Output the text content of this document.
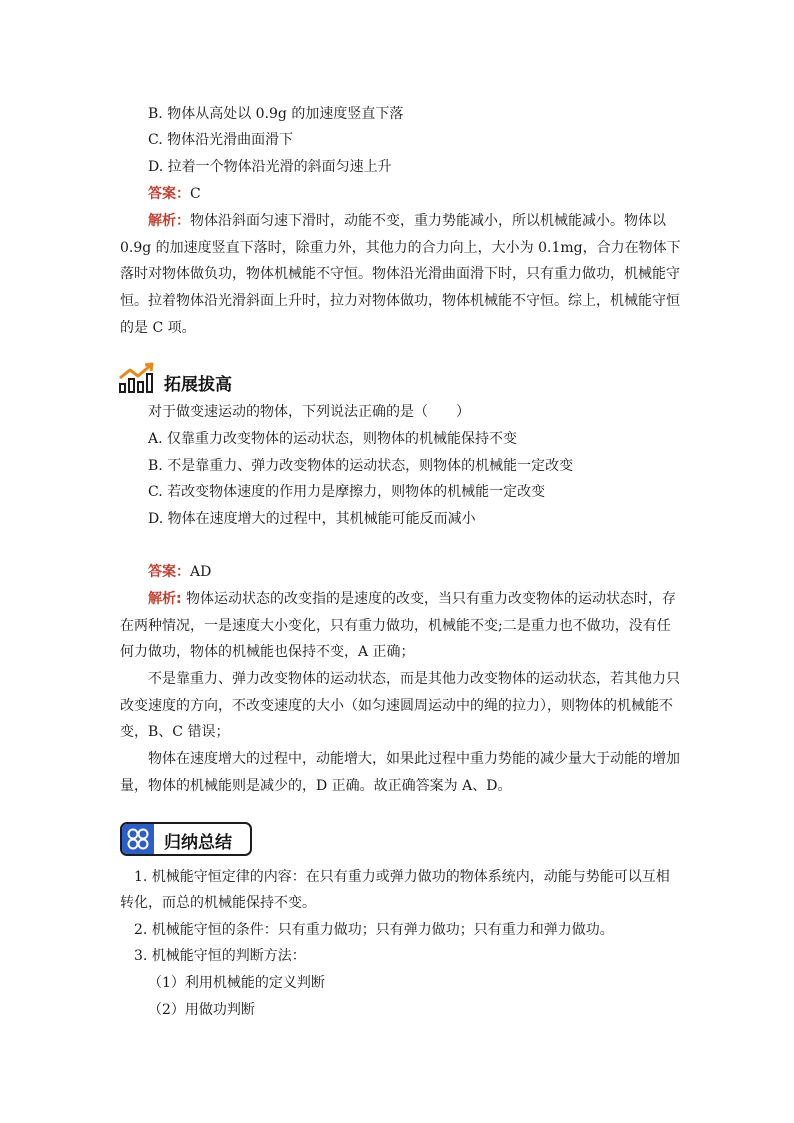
B. 物体从高处以 0.9g 的加速度竖直下落
C. 物体沿光滑曲面滑下
D. 拉着一个物体沿光滑的斜面匀速上升
答案：C
解析：物体沿斜面匀速下滑时，动能不变，重力势能减小，所以机械能减小。物体以
0.9g 的加速度竖直下落时，除重力外，其他力的合力向上，大小为 0.1mg，合力在物体下
落时对物体做负功，物体机械能不守恒。物体沿光滑曲面滑下时，只有重力做功，机械能守
恒。拉着物体沿光滑斜面上升时，拉力对物体做功，物体机械能不守恒。综上，机械能守恒
的是 C 项。
拓展拔高
对于做变速运动的物体，下列说法正确的是（　　）
A. 仅靠重力改变物体的运动状态，则物体的机械能保持不变
B. 不是靠重力、弹力改变物体的运动状态，则物体的机械能一定改变
C. 若改变物体速度的作用力是摩擦力，则物体的机械能一定改变
D. 物体在速度增大的过程中，其机械能可能反而减小
答案：AD
解析: 物体运动状态的改变指的是速度的改变，当只有重力改变物体的运动状态时，存
在两种情况，一是速度大小变化，只有重力做功，机械能不变;二是重力也不做功，没有任
何力做功，物体的机械能也保持不变，A 正确；
不是靠重力、弹力改变物体的运动状态，而是其他力改变物体的运动状态，若其他力只
改变速度的方向，不改变速度的大小（如匀速圆周运动中的绳的拉力），则物体的机械能不
变，B、C 错误；
物体在速度增大的过程中，动能增大，如果此过程中重力势能的减少量大于动能的增加
量，物体的机械能则是减少的，D 正确。故正确答案为 A、D。
归纳总结
1. 机械能守恒定律的内容：在只有重力或弹力做功的物体系统内，动能与势能可以互相
转化，而总的机械能保持不变。
2. 机械能守恒的条件：只有重力做功；只有弹力做功；只有重力和弹力做功。
3. 机械能守恒的判断方法：
（1）利用机械能的定义判断
（2）用做功判断
